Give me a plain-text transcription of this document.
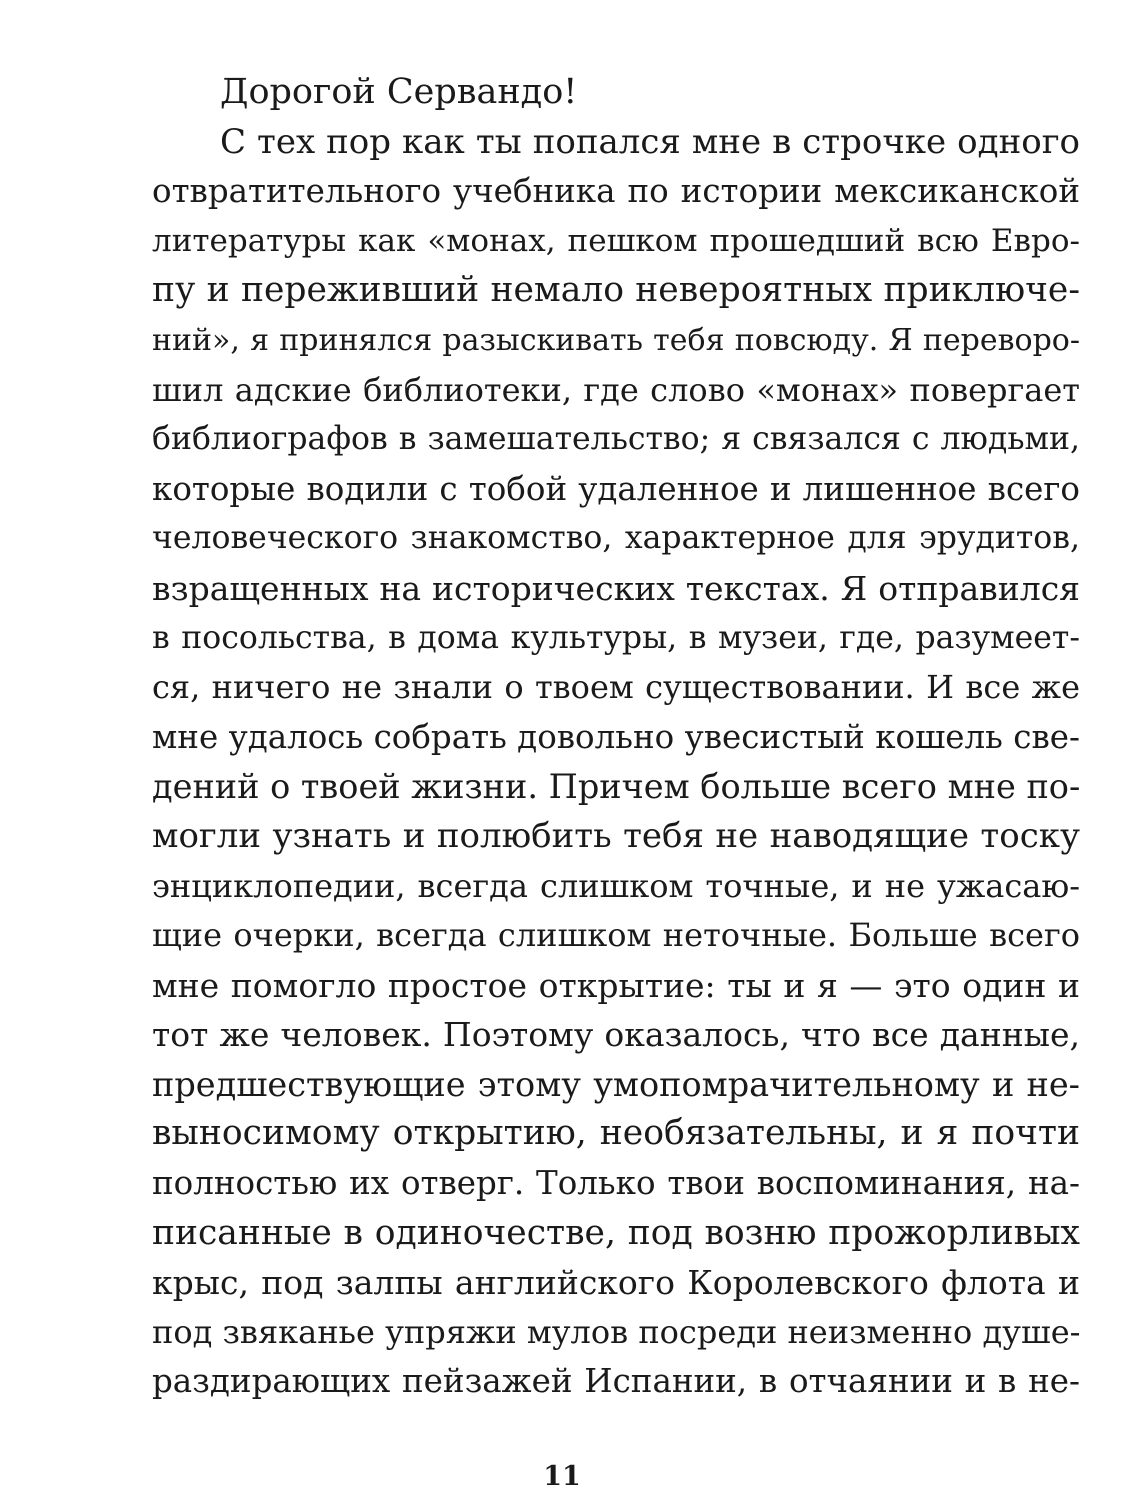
Дорогой Сервандо!
С тех пор как ты попался мне в строчке одного
отвратительного учебника по истории мексиканской
литературы как «монах, пешком прошедший всю Евро-
пу и переживший немало невероятных приключе-
ний», я принялся разыскивать тебя повсюду. Я переворо-
шил адские библиотеки, где слово «монах» повергает
библиографов в замешательство; я связался с людьми,
которые водили с тобой удаленное и лишенное всего
человеческого знакомство, характерное для эрудитов,
взращенных на исторических текстах. Я отправился
в посольства, в дома культуры, в музеи, где, разумеет-
ся, ничего не знали о твоем существовании. И все же
мне удалось собрать довольно увесистый кошель све-
дений о твоей жизни. Причем больше всего мне по-
могли узнать и полюбить тебя не наводящие тоску
энциклопедии, всегда слишком точные, и не ужасаю-
щие очерки, всегда слишком неточные. Больше всего
мне помогло простое открытие: ты и я — это один и
тот же человек. Поэтому оказалось, что все данные,
предшествующие этому умопомрачительному и не-
выносимому открытию, необязательны, и я почти
полностью их отверг. Только твои воспоминания, на-
писанные в одиночестве, под возню прожорливых
крыс, под залпы английского Королевского флота и
под звяканье упряжи мулов посреди неизменно душе-
раздирающих пейзажей Испании, в отчаянии и в не-
11
